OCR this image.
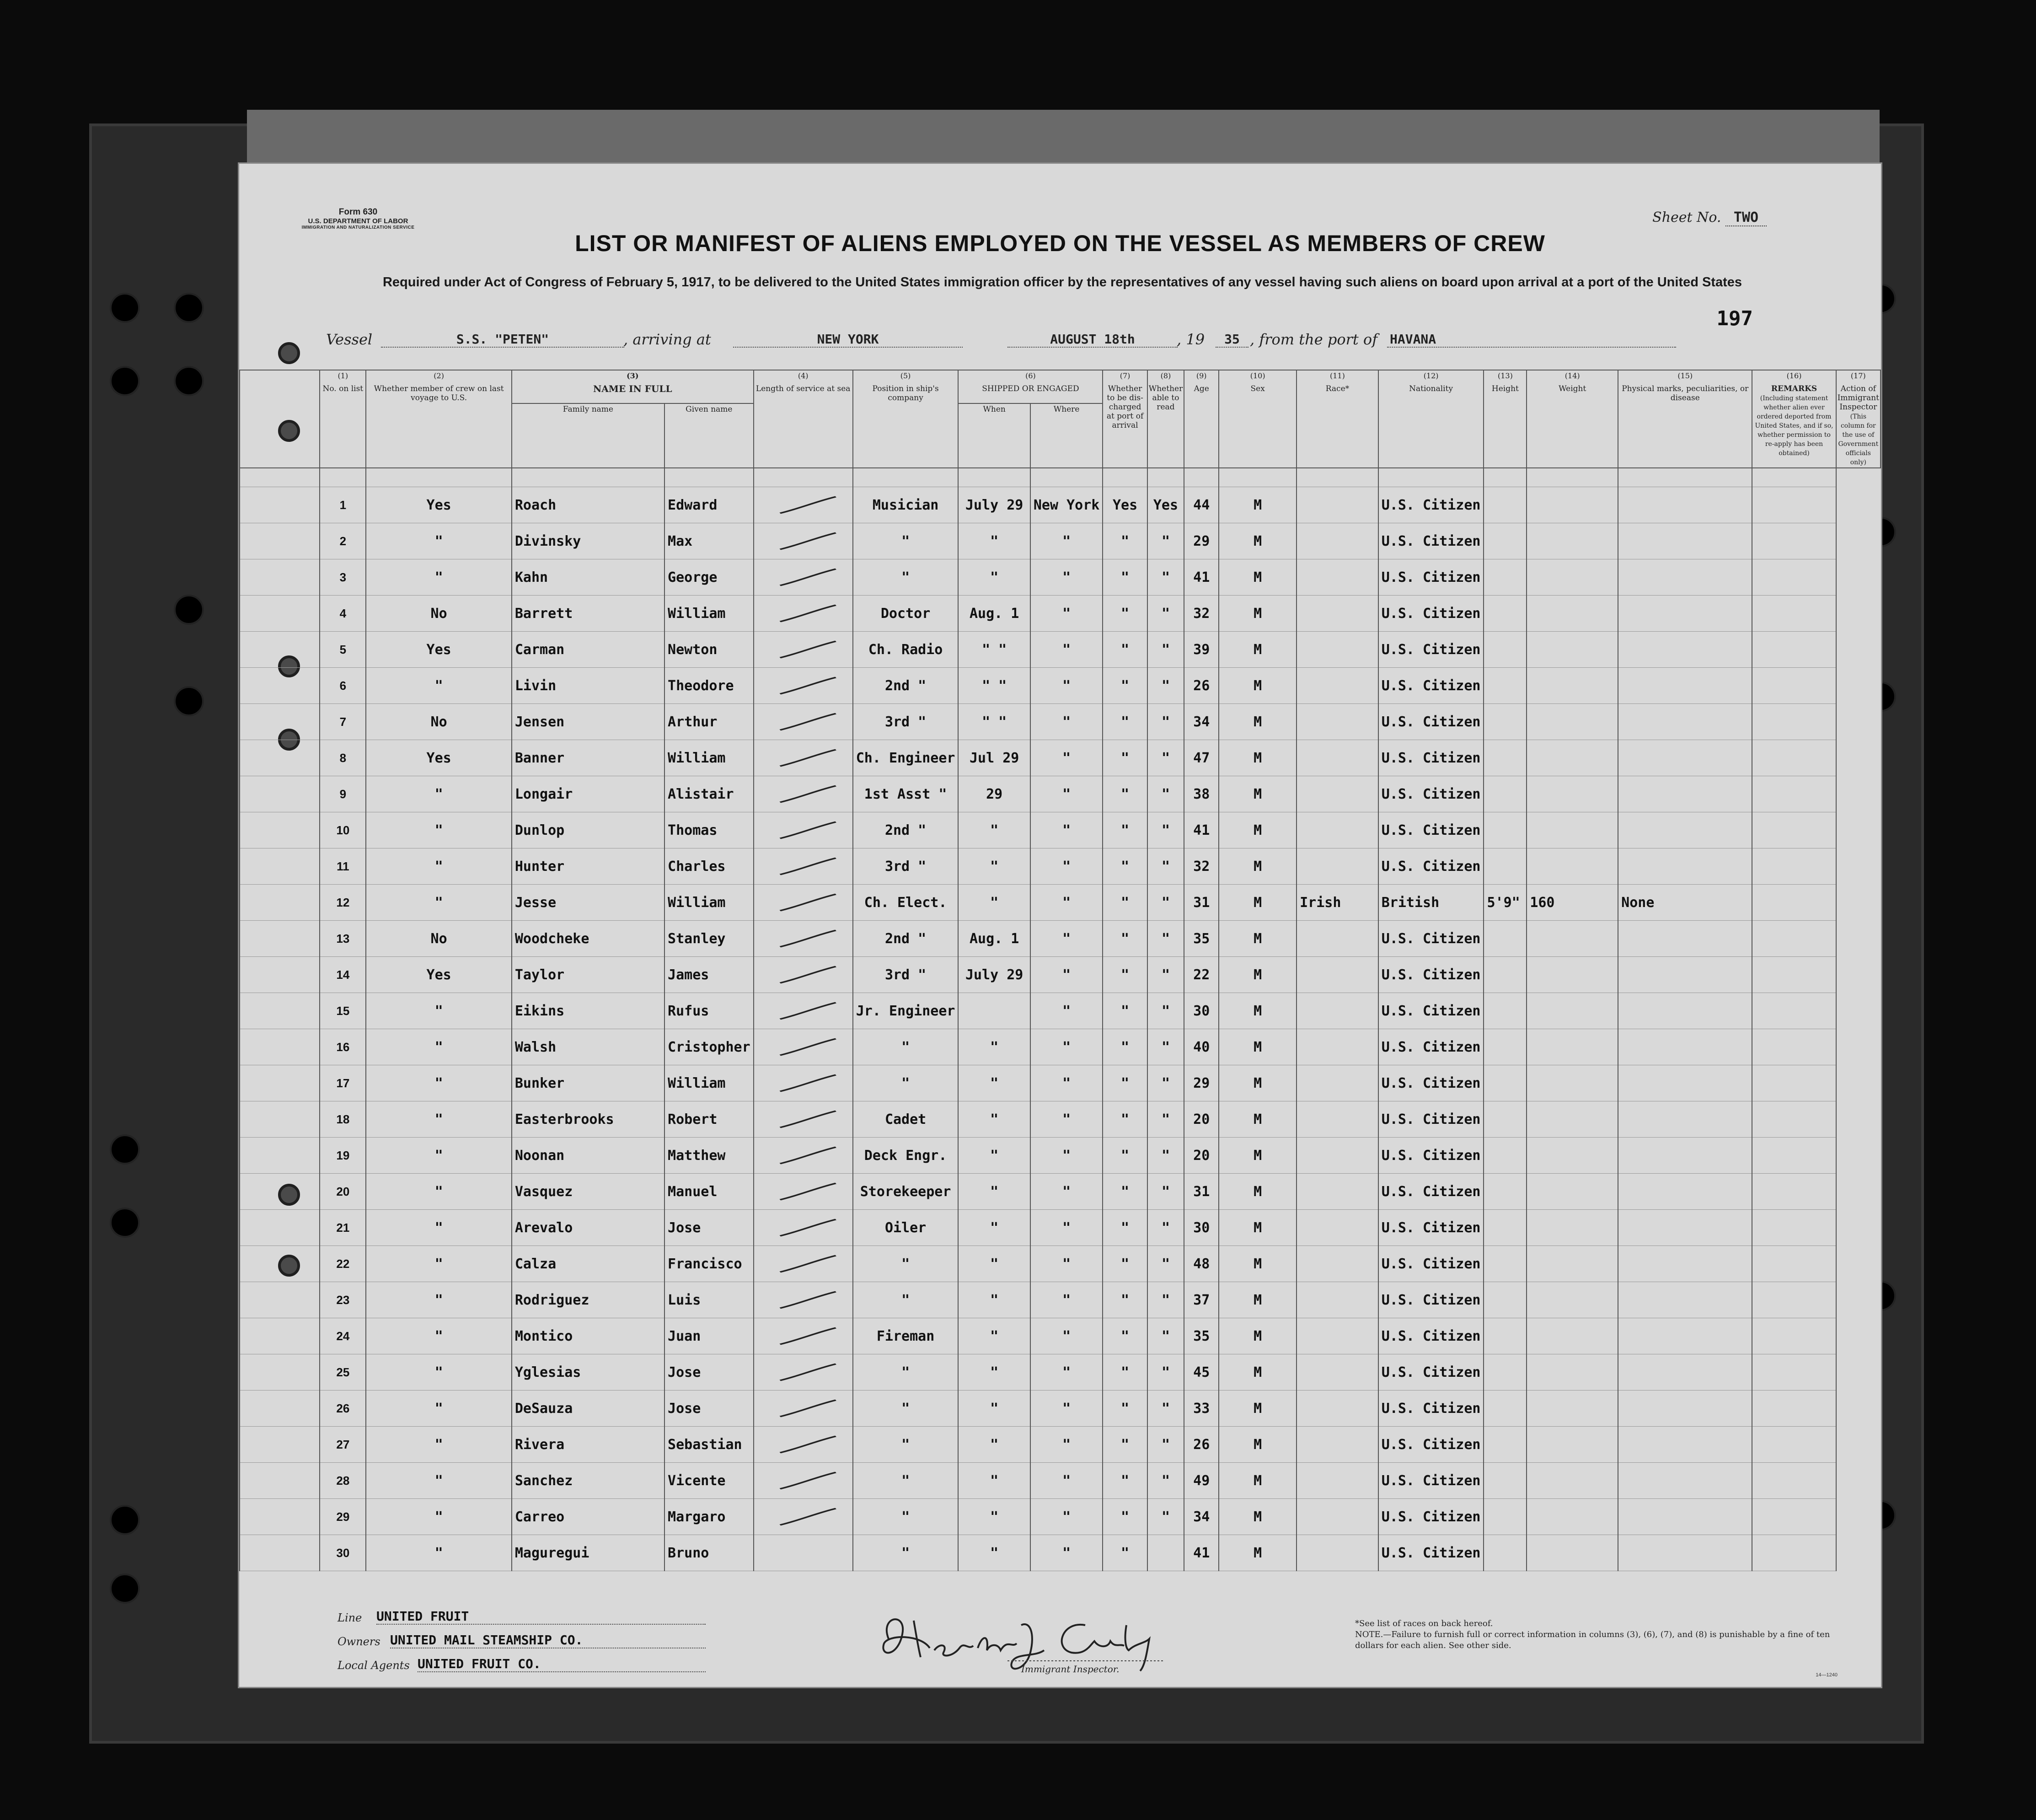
Form 630
U.S. DEPARTMENT OF LABOR
IMMIGRATION AND NATURALIZATION SERVICE
Sheet No. TWO
LIST OR MANIFEST OF ALIENS EMPLOYED ON THE VESSEL AS MEMBERS OF CREW
Required under Act of Congress of February 5, 1917, to be delivered to the United States immigration officer by the representatives of any vessel having such aliens on board upon arrival at a port of the United States
197
Vessel	S.S. "PETEN"	, arriving at	NEW YORK	AUGUST 18th	, 19	35 , from the port of HAVANA

	(1)
No. on list	(2)
Whether member of crew on last voyage to U.S.	(3)
NAME IN FULL		(4)
Length of service at sea	(5)
Position in ship's company	(6)
SHIPPED OR ENGAGED		(7)
Whether to be dis-charged at port of arrival	(8)
Whether able to read	(9)
Age	(10)
Sex	(11)
Race*	(12)
Nationality	(13)
Height	(14)
Weight	(15)
Physical marks, peculiarities, or disease	(16)
REMARKS
(Including statement whether alien ever ordered deported from United States, and if so, whether permission to re-apply has been obtained)	(17)
Action of Immigrant Inspector
(This column for the use of Government officials only)
			Family name	Given name			When	Where											

	1	Yes	Roach	Edward		Musician	July 29	New York	Yes	Yes	44	M		U.S. Citizen					
	2	"	Divinsky	Max		"	"	"	"	"	29	M		U.S. Citizen					
	3	"	Kahn	George		"	"	"	"	"	41	M		U.S. Citizen					
	4	No	Barrett	William		Doctor	Aug. 1	"	"	"	32	M		U.S. Citizen					
	5	Yes	Carman	Newton		Ch. Radio	" "	"	"	"	39	M		U.S. Citizen					
	6	"	Livin	Theodore		2nd "	" "	"	"	"	26	M		U.S. Citizen					
	7	No	Jensen	Arthur		3rd "	" "	"	"	"	34	M		U.S. Citizen					
	8	Yes	Banner	William		Ch. Engineer	Jul 29	"	"	"	47	M		U.S. Citizen					
	9	"	Longair	Alistair		1st Asst "	29	"	"	"	38	M		U.S. Citizen					
	10	"	Dunlop	Thomas		2nd "	"	"	"	"	41	M		U.S. Citizen					
	11	"	Hunter	Charles		3rd "	"	"	"	"	32	M		U.S. Citizen					
	12	"	Jesse	William		Ch. Elect.	"	"	"	"	31	M	Irish	British	5'9"	160	None		
	13	No	Woodcheke	Stanley		2nd "	Aug. 1	"	"	"	35	M		U.S. Citizen					
	14	Yes	Taylor	James		3rd "	July 29	"	"	"	22	M		U.S. Citizen					
	15	"	Eikins	Rufus		Jr. Engineer		"	"	"	30	M		U.S. Citizen					
	16	"	Walsh	Cristopher		"	"	"	"	"	40	M		U.S. Citizen					
	17	"	Bunker	William		"	"	"	"	"	29	M		U.S. Citizen					
	18	"	Easterbrooks	Robert		Cadet	"	"	"	"	20	M		U.S. Citizen					
	19	"	Noonan	Matthew		Deck Engr.	"	"	"	"	20	M		U.S. Citizen					
	20	"	Vasquez	Manuel		Storekeeper	"	"	"	"	31	M		U.S. Citizen					
	21	"	Arevalo	Jose		Oiler	"	"	"	"	30	M		U.S. Citizen					
	22	"	Calza	Francisco		"	"	"	"	"	48	M		U.S. Citizen					
	23	"	Rodriguez	Luis		"	"	"	"	"	37	M		U.S. Citizen					
	24	"	Montico	Juan		Fireman	"	"	"	"	35	M		U.S. Citizen					
	25	"	Yglesias	Jose		"	"	"	"	"	45	M		U.S. Citizen					
	26	"	DeSauza	Jose		"	"	"	"	"	33	M		U.S. Citizen					
	27	"	Rivera	Sebastian		"	"	"	"	"	26	M		U.S. Citizen					
	28	"	Sanchez	Vicente		"	"	"	"	"	49	M		U.S. Citizen					
	29	"	Carreo	Margaro		"	"	"	"	"	34	M		U.S. Citizen					
	30	"	Maguregui	Bruno		"	"	"	"		41	M		U.S. Citizen					
Line UNITED FRUIT
Owners UNITED MAIL STEAMSHIP CO.
Local Agents UNITED FRUIT CO.	Immigrant Inspector.
*See list of races on back hereof.
NOTE.—Failure to furnish full or correct information in columns (3), (6), (7), and (8) is punishable by a fine of ten dollars for each alien. See other side.
14—1240
